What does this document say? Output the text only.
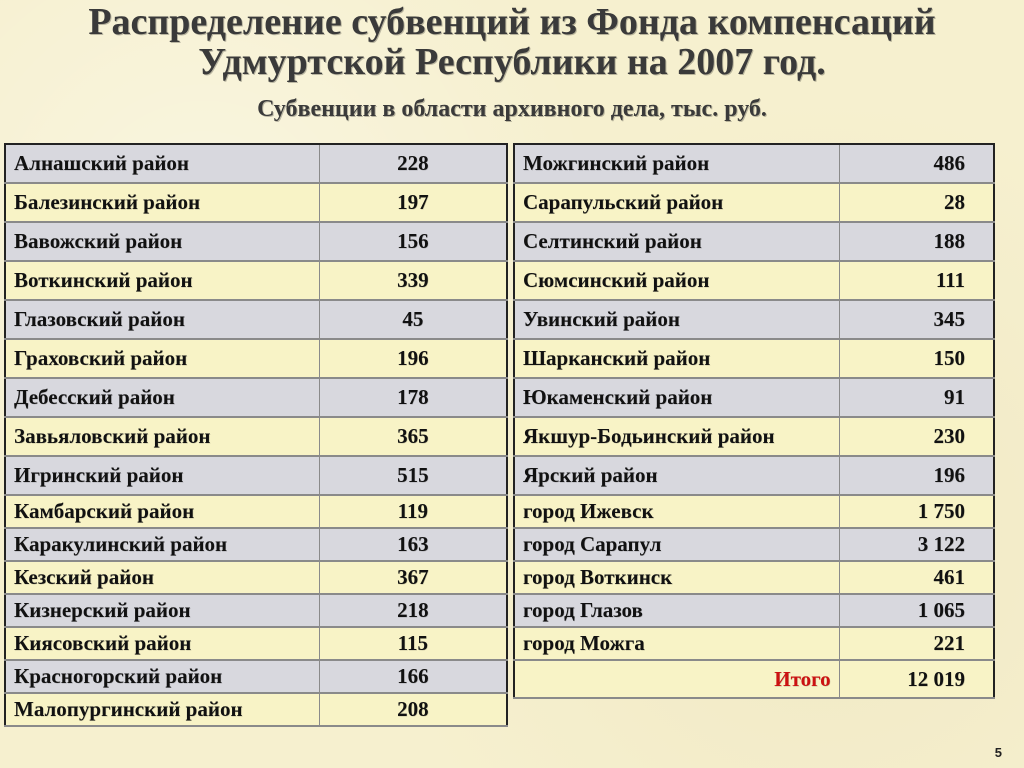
Распределение субвенций из Фонда компенсаций
Удмуртской Республики на 2007 год.
Субвенции в области архивного дела, тыс. руб.
Алнашский район	228
Балезинский район	197
Вавожский район	156
Воткинский район	339
Глазовский район	45
Граховский район	196
Дебесский район	178
Завьяловский район	365
Игринский район	515
Камбарский район	119
Каракулинский район	163
Кезский район	367
Кизнерский район	218
Киясовский район	115
Красногорский район	166
Малопургинский район	208
Можгинский район	486
Сарапульский район	28
Селтинский район	188
Сюмсинский район	111
Увинский район	345
Шарканский район	150
Юкаменский район	91
Якшур-Бодьинский район	230
Ярский район	196
город Ижевск	1 750
город Сарапул	3 122
город Воткинск	461
город Глазов	1 065
город Можга	221
Итого	12 019
5
